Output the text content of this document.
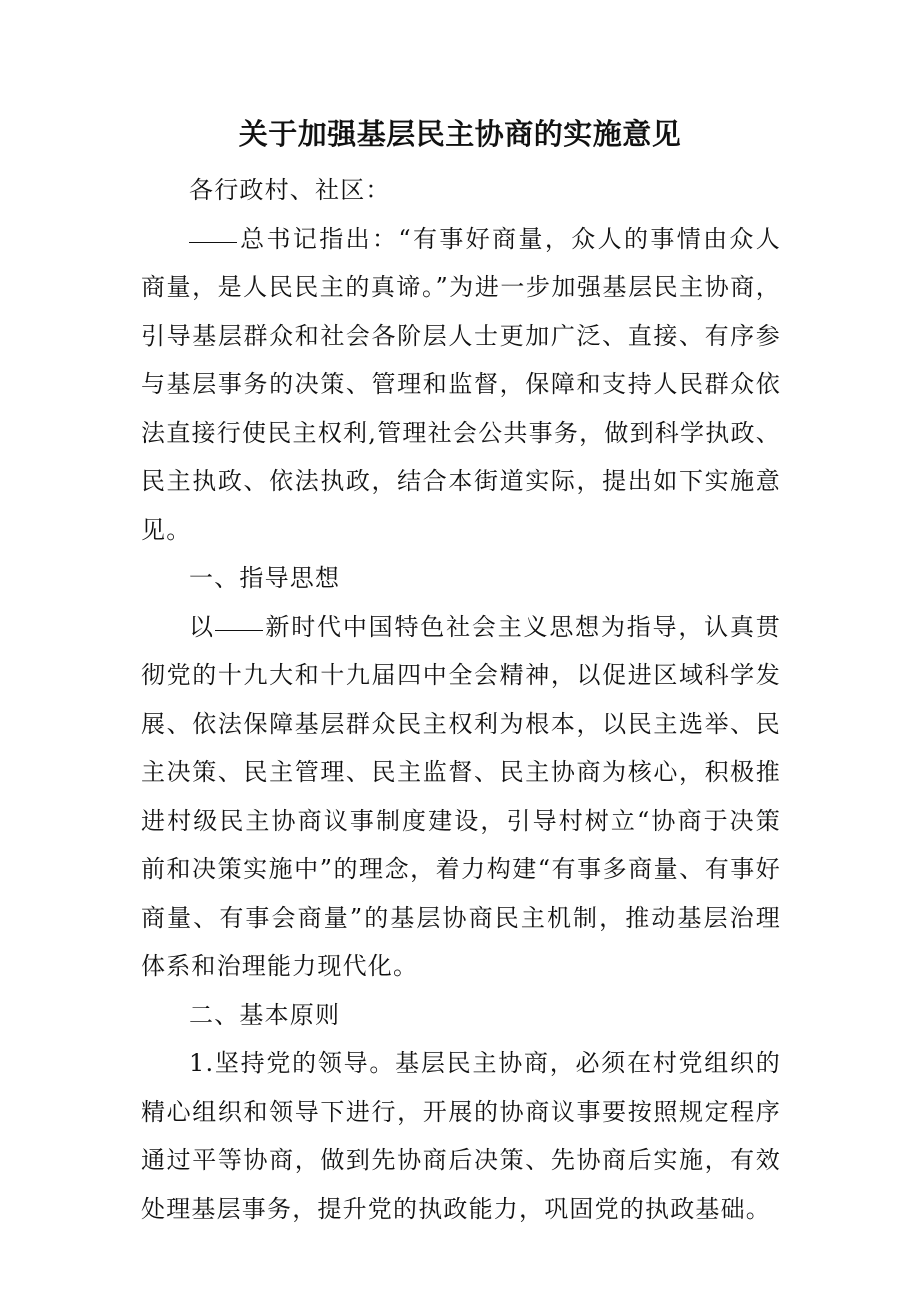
关于加强基层民主协商的实施意见

各行政村、社区：

总书记指出：“有事好商量，众人的事情由众人商量，是人民民主的真谛。”为进一步加强基层民主协商，引导基层群众和社会各阶层人士更加广泛、直接、有序参与基层事务的决策、管理和监督，保障和支持人民群众依法直接行使民主权利,管理社会公共事务，做到科学执政、民主执政、依法执政，结合本街道实际，提出如下实施意见。

一、指导思想

以 新时代中国特色社会主义思想为指导，认真贯彻党的十九大和十九届四中全会精神，以促进区域科学发展、依法保障基层群众民主权利为根本，以民主选举、民主决策、民主管理、民主监督、民主协商为核心，积极推进村级民主协商议事制度建设，引导村树立“协商于决策前和决策实施中”的理念，着力构建“有事多商量、有事好商量、有事会商量”的基层协商民主机制，推动基层治理体系和治理能力现代化。

二、基本原则

1.坚持党的领导。基层民主协商，必须在村党组织的精心组织和领导下进行，开展的协商议事要按照规定程序通过平等协商，做到先协商后决策、先协商后实施，有效处理基层事务，提升党的执政能力，巩固党的执政基础。
